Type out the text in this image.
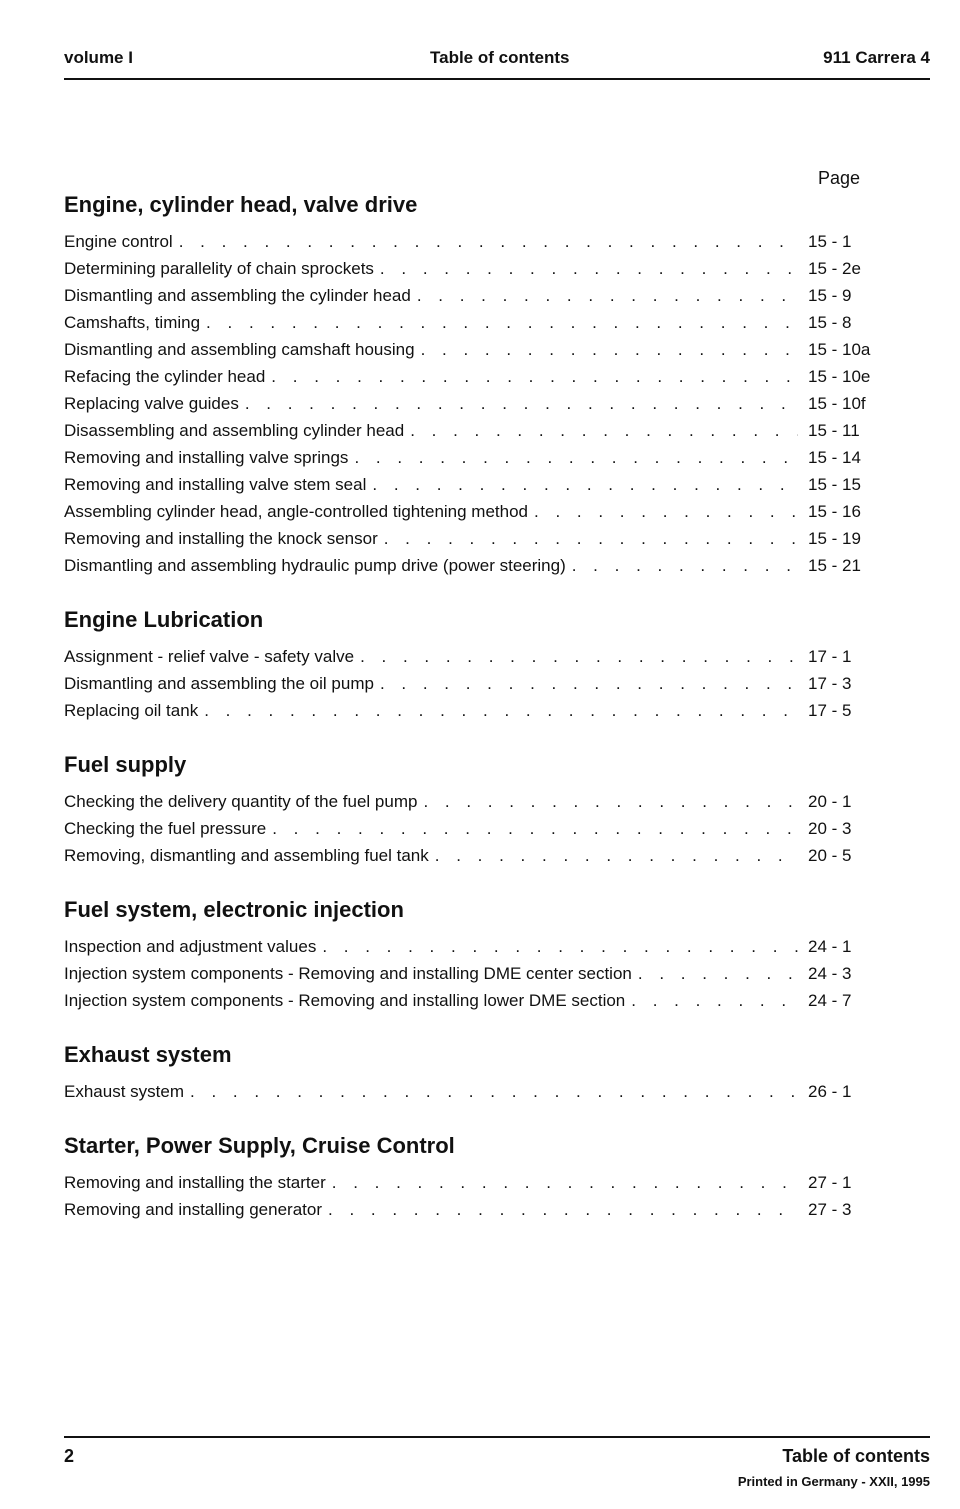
volume I	Table of contents	911 Carrera 4
Page
Engine, cylinder head, valve drive
Engine control . . .	15 - 1
Determining parallelity of chain sprockets . . .	15 - 2e
Dismantling and assembling the cylinder head . . .	15 - 9
Camshafts, timing . . .	15 - 8
Dismantling and assembling camshaft housing . . .	15 - 10a
Refacing the cylinder head . . .	15 - 10e
Replacing valve guides . . .	15 - 10f
Disassembling and assembling cylinder head . . .	15 - 11
Removing and installing valve springs . . .	15 - 14
Removing and installing valve stem seal . . .	15 - 15
Assembling cylinder head, angle-controlled tightening method . . .	15 - 16
Removing and installing the knock sensor . . .	15 - 19
Dismantling and assembling hydraulic pump drive (power steering) . . .	15 - 21
Engine Lubrication
Assignment - relief valve - safety valve . . .	17 - 1
Dismantling and assembling the oil pump . . .	17 - 3
Replacing oil tank . . .	17 - 5
Fuel supply
Checking the delivery quantity of the fuel pump . . .	20 - 1
Checking the fuel pressure . . .	20 - 3
Removing, dismantling and assembling fuel tank . . .	20 - 5
Fuel system, electronic injection
Inspection and adjustment values . . .	24 - 1
Injection system components - Removing and installing DME center section . . .	24 - 3
Injection system components - Removing and installing lower DME section . . .	24 - 7
Exhaust system
Exhaust system . . .	26 - 1
Starter, Power Supply, Cruise Control
Removing and installing the starter . . .	27 - 1
Removing and installing generator . . .	27 - 3
2	Table of contents
Printed in Germany - XXII, 1995
